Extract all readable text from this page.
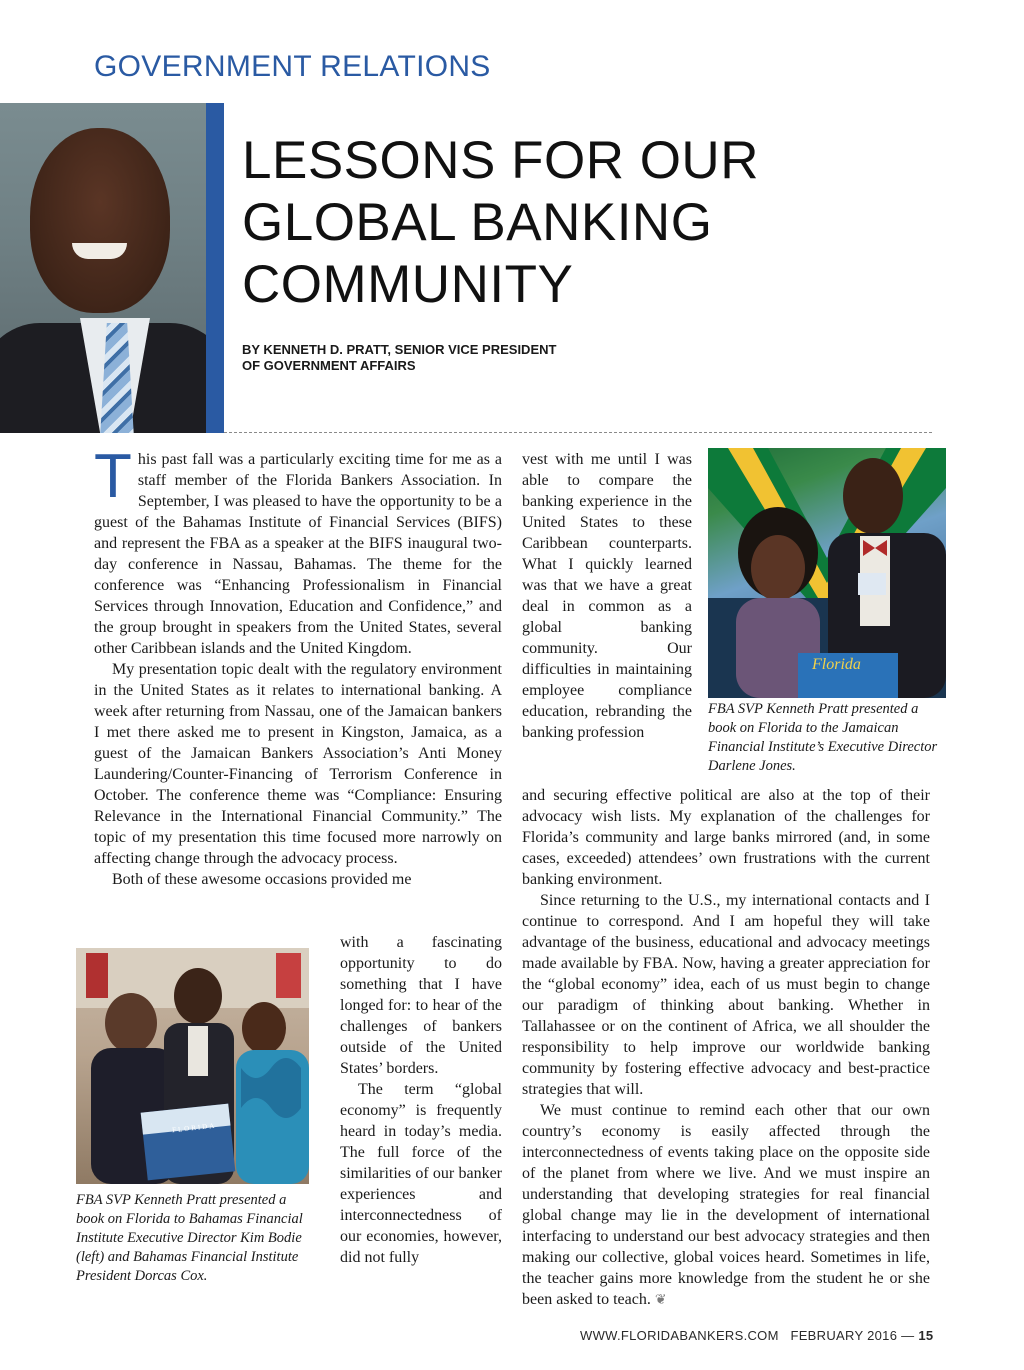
GOVERNMENT RELATIONS
LESSONS FOR OUR
GLOBAL BANKING
COMMUNITY
BY KENNETH D. PRATT, SENIOR VICE PRESIDENT
OF GOVERNMENT AFFAIRS
T his past fall was a particularly exciting time for me as a staff member of the Florida Bankers Association. In September, I was pleased to have the opportunity to be a guest of the Bahamas Institute of Financial Services (BIFS) and represent the FBA as a speaker at the BIFS inaugural two-day conference in Nassau, Bahamas. The theme for the conference was “Enhancing Professionalism in Financial Services through Innovation, Education and Confidence,” and the group brought in speakers from the United States, several other Caribbean islands and the United Kingdom.

My presentation topic dealt with the regulatory environment in the United States as it relates to international banking. A week after returning from Nassau, one of the Jamaican bankers I met there asked me to present in Kingston, Jamaica, as a guest of the Jamaican Bankers Association’s Anti Money Laundering/Counter-Financing of Terrorism Conference in October. The conference theme was “Compliance: Ensuring Relevance in the International Financial Community.” The topic of my presentation this time focused more narrowly on affecting change through the advocacy process.

Both of these awesome occasions provided me

FLORIDA
FBA SVP Kenneth Pratt presented a book on Florida to Bahamas Financial Institute Executive Director Kim Bodie (left) and Bahamas Financial Institute President Dorcas Cox.

with a fascinating opportunity to do something that I have longed for: to hear of the challenges of bankers outside of the United States’ borders.

The term “global economy” is frequently heard in today’s media. The full force of the similarities of our banker experiences and interconnectedness of our economies, however, did not fully

vest with me until I was able to compare the banking experience in the United States to these Caribbean counterparts. What I quickly learned was that we have a great deal in common as a global banking community. Our difficulties in maintaining employee compliance education, rebranding the banking profession

Florida
FBA SVP Kenneth Pratt presented a book on Florida to the Jamaican Financial Institute’s Executive Director Darlene Jones.

and securing effective political are also at the top of their advocacy wish lists. My explanation of the challenges for Florida’s community and large banks mirrored (and, in some cases, exceeded) attendees’ own frustrations with the current banking environment.

Since returning to the U.S., my international contacts and I continue to correspond. And I am hopeful they will take advantage of the business, educational and advocacy meetings made available by FBA. Now, having a greater appreciation for the “global economy” idea, each of us must begin to change our paradigm of thinking about banking. Whether in Tallahassee or on the continent of Africa, we all shoulder the responsibility to help improve our worldwide banking community by fostering effective advocacy and best-practice strategies that will.

We must continue to remind each other that our own country’s economy is easily affected through the interconnectedness of events taking place on the opposite side of the planet from where we live. And we must inspire an understanding that developing strategies for real financial global change may lie in the development of international interfacing to understand our best advocacy strategies and then making our collective, global voices heard. Sometimes in life, the teacher gains more knowledge from the student he or she been asked to teach. ❦

WWW.FLORIDABANKERS.COM FEBRUARY 2016 — 15
